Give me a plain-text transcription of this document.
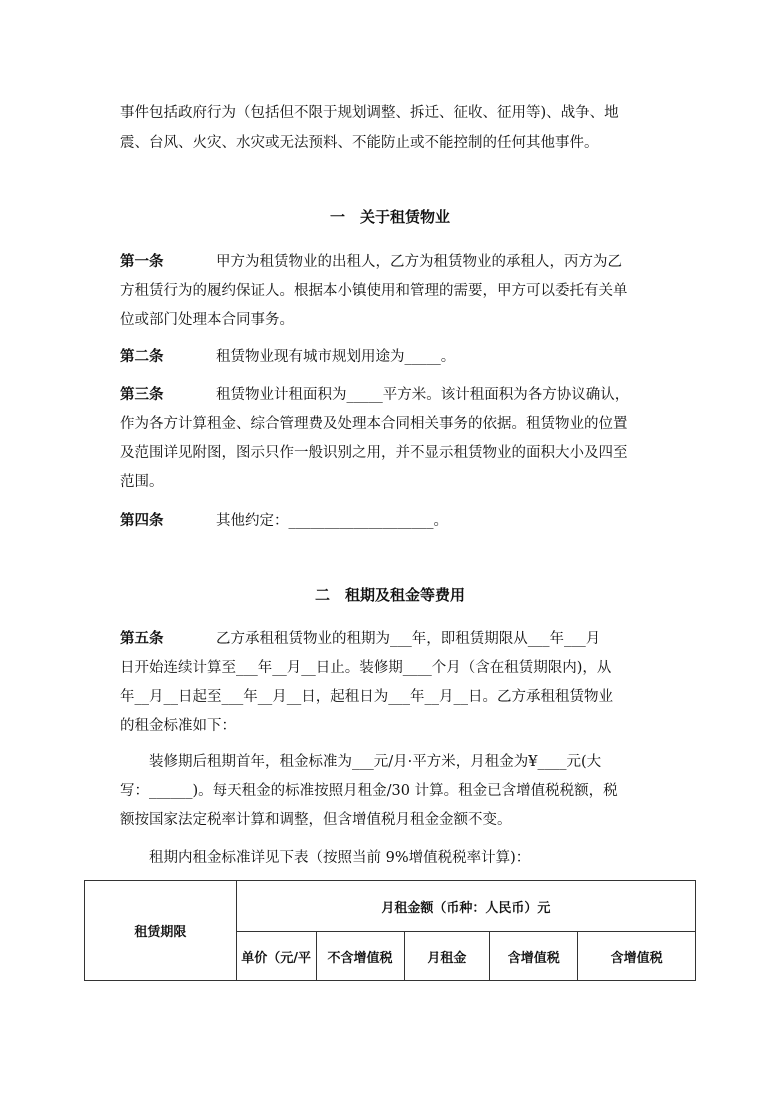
事件包括政府行为（包括但不限于规划调整、拆迁、征收、征用等)、战争、地

震、台风、火灾、水灾或无法预料、不能防止或不能控制的任何其他事件。

一　关于租赁物业

第一条	甲方为租赁物业的出租人，乙方为租赁物业的承租人，丙方为乙

方租赁行为的履约保证人。根据本小镇使用和管理的需要，甲方可以委托有关单

位或部门处理本合同事务。

第二条	租赁物业现有城市规划用途为_____。

第三条	租赁物业计租面积为_____平方米。该计租面积为各方协议确认，

作为各方计算租金、综合管理费及处理本合同相关事务的依据。租赁物业的位置

及范围详见附图，图示只作一般识别之用，并不显示租赁物业的面积大小及四至

范围。

第四条	其他约定：____________________。

二　租期及租金等费用

第五条	乙方承租租赁物业的租期为___年，即租赁期限从___年___月

日开始连续计算至___年__月__日止。装修期____个月（含在租赁期限内)，从

年__月__日起至___年__月__日，起租日为___年__月__日。乙方承租租赁物业

的租金标准如下：

装修期后租期首年，租金标准为___元/月·平方米，月租金为¥____元(大

写：______)。每天租金的标准按照月租金/30 计算。租金已含增值税税额，税

额按国家法定税率计算和调整，但含增值税月租金金额不变。

租期内租金标准详见下表（按照当前 9%增值税税率计算)：

租赁期限	月租金额（币种：人民币）元				
	单价（元/平	不含增值税	月租金	含增值税	含增值税
